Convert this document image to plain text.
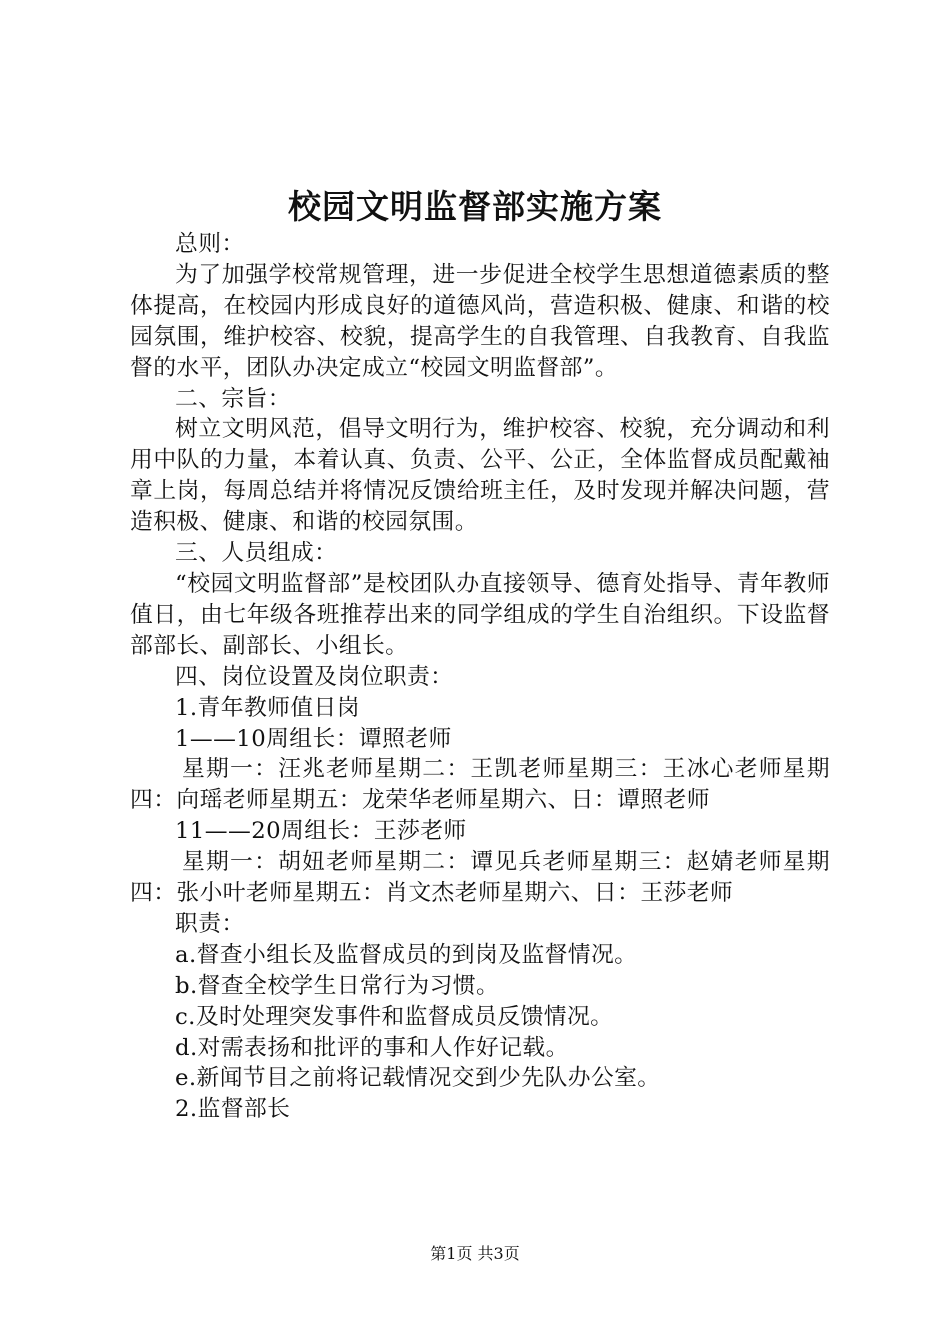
校园文明监督部实施方案

总则：

为了加强学校常规管理，进一步促进全校学生思想道德素质的整体提高，在校园内形成良好的道德风尚，营造积极、健康、和谐的校园氛围，维护校容、校貌，提高学生的自我管理、自我教育、自我监督的水平，团队办决定成立“校园文明监督部”。

二、宗旨：

树立文明风范，倡导文明行为，维护校容、校貌，充分调动和利用中队的力量，本着认真、负责、公平、公正，全体监督成员配戴袖章上岗，每周总结并将情况反馈给班主任，及时发现并解决问题，营造积极、健康、和谐的校园氛围。

三、人员组成：

“校园文明监督部”是校团队办直接领导、德育处指导、青年教师值日，由七年级各班推荐出来的同学组成的学生自治组织。下设监督部部长、副部长、小组长。

四、岗位设置及岗位职责：

1.青年教师值日岗

1——10周组长：谭照老师

星期一：汪兆老师星期二：王凯老师星期三：王冰心老师星期四：向瑶老师星期五：龙荣华老师星期六、日：谭照老师

11——20周组长：王莎老师

星期一：胡妞老师星期二：谭见兵老师星期三：赵婧老师星期四：张小叶老师星期五：肖文杰老师星期六、日：王莎老师

职责：

a.督查小组长及监督成员的到岗及监督情况。

b.督查全校学生日常行为习惯。

c.及时处理突发事件和监督成员反馈情况。

d.对需表扬和批评的事和人作好记载。

e.新闻节目之前将记载情况交到少先队办公室。

2.监督部长

第1页 共3页
